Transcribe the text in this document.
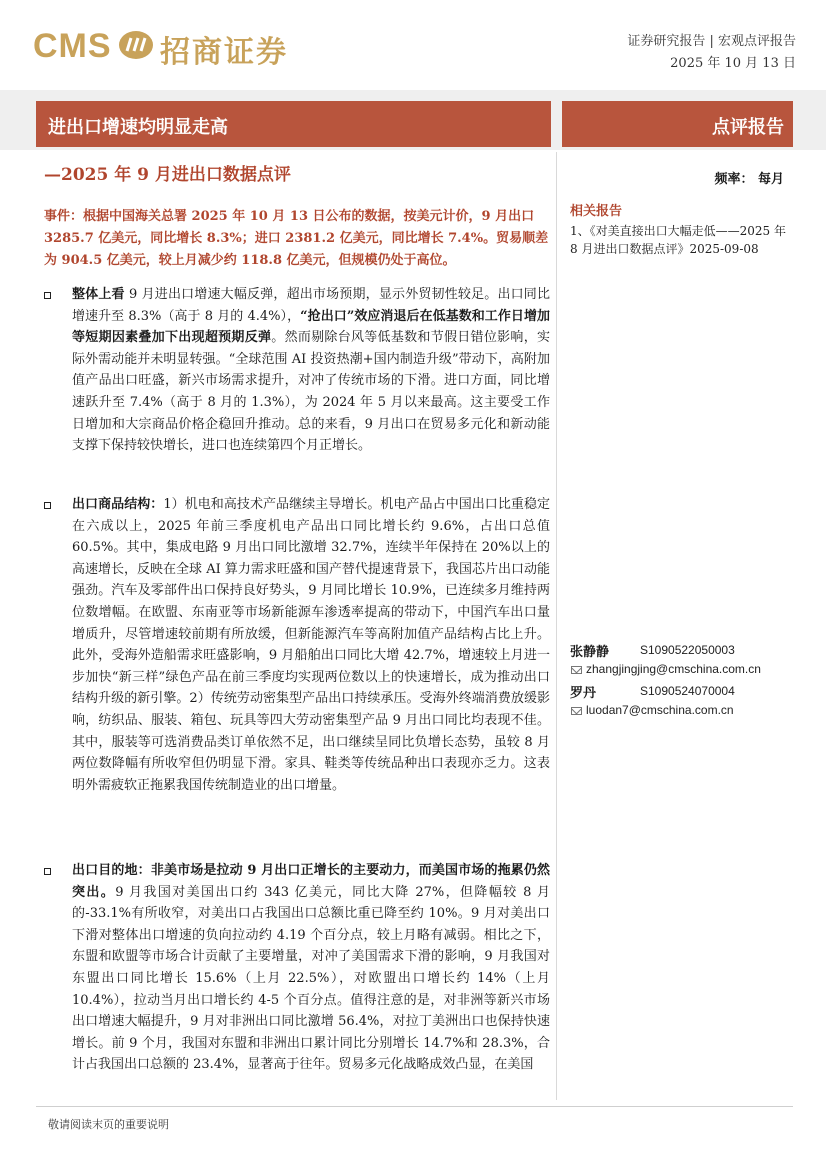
CMS 招商证券	证券研究报告 | 宏观点评报告
2025 年 10 月 13 日
进出口增速均明显走高	点评报告
—2025 年 9 月进出口数据点评	频率： 每月
事件：根据中国海关总署 2025 年 10 月 13 日公布的数据，按美元计价，9 月出口 3285.7 亿美元，同比增长 8.3%；进口 2381.2 亿美元，同比增长 7.4%。贸易顺差为 904.5 亿美元，较上月减少约 118.8 亿美元，但规模仍处于高位。
相关报告
1、《对美直接出口大幅走低——2025 年 8 月进出口数据点评》2025-09-08
张静静	S1090522050003
zhangjingjing@cmschina.com.cn
罗丹	S1090524070004
luodan7@cmschina.com.cn
整体上看 9 月进出口增速大幅反弹，超出市场预期，显示外贸韧性较足。出口同比增速升至 8.3%（高于 8 月的 4.4%），“抢出口”效应消退后在低基数和工作日增加等短期因素叠加下出现超预期反弹。然而剔除台风等低基数和节假日错位影响，实际外需动能并未明显转强。“全球范围 AI 投资热潮+国内制造升级”带动下，高附加值产品出口旺盛，新兴市场需求提升，对冲了传统市场的下滑。进口方面，同比增速跃升至 7.4%（高于 8 月的 1.3%），为 2024 年 5 月以来最高。这主要受工作日增加和大宗商品价格企稳回升推动。总的来看，9 月出口在贸易多元化和新动能支撑下保持较快增长，进口也连续第四个月正增长。
出口商品结构：1）机电和高技术产品继续主导增长。机电产品占中国出口比重稳定在六成以上，2025 年前三季度机电产品出口同比增长约 9.6%，占出口总值 60.5%。其中，集成电路 9 月出口同比激增 32.7%，连续半年保持在 20%以上的高速增长，反映在全球 AI 算力需求旺盛和国产替代提速背景下，我国芯片出口动能强劲。汽车及零部件出口保持良好势头，9 月同比增长 10.9%，已连续多月维持两位数增幅。在欧盟、东南亚等市场新能源车渗透率提高的带动下，中国汽车出口量增质升，尽管增速较前期有所放缓，但新能源汽车等高附加值产品结构占比上升。此外，受海外造船需求旺盛影响，9 月船舶出口同比大增 42.7%，增速较上月进一步加快“新三样”绿色产品在前三季度均实现两位数以上的快速增长，成为推动出口结构升级的新引擎。2）传统劳动密集型产品出口持续承压。受海外终端消费放缓影响，纺织品、服装、箱包、玩具等四大劳动密集型产品 9 月出口同比均表现不佳。其中，服装等可选消费品类订单依然不足，出口继续呈同比负增长态势，虽较 8 月两位数降幅有所收窄但仍明显下滑。家具、鞋类等传统品种出口表现亦乏力。这表明外需疲软正拖累我国传统制造业的出口增量。
出口目的地：非美市场是拉动 9 月出口正增长的主要动力，而美国市场的拖累仍然突出。9 月我国对美国出口约 343 亿美元，同比大降 27%，但降幅较 8 月的-33.1%有所收窄，对美出口占我国出口总额比重已降至约 10%。9 月对美出口下滑对整体出口增速的负向拉动约 4.19 个百分点，较上月略有减弱。相比之下，东盟和欧盟等市场合计贡献了主要增量，对冲了美国需求下滑的影响，9 月我国对东盟出口同比增长 15.6%（上月 22.5%），对欧盟出口增长约 14%（上月 10.4%），拉动当月出口增长约 4-5 个百分点。值得注意的是，对非洲等新兴市场出口增速大幅提升，9 月对非洲出口同比激增 56.4%，对拉丁美洲出口也保持快速增长。前 9 个月，我国对东盟和非洲出口累计同比分别增长 14.7%和 28.3%，合计占我国出口总额的 23.4%，显著高于往年。贸易多元化战略成效凸显，在美国
敬请阅读末页的重要说明
